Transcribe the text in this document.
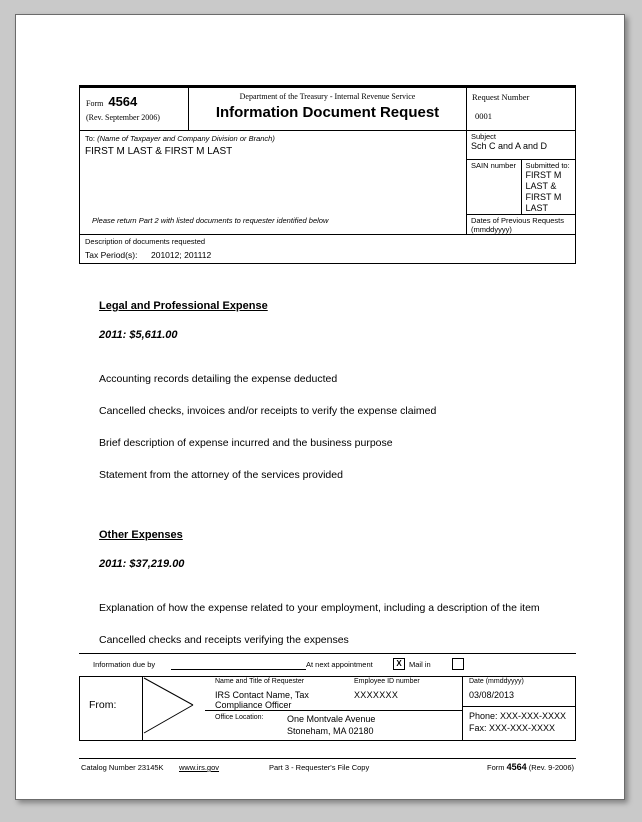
Form 4564
(Rev. September 2006)

Department of the Treasury - Internal Revenue Service
Information Document Request

Request Number
0001

To: (Name of Taxpayer and Company Division or Branch)
FIRST M LAST & FIRST M LAST
Please return Part 2 with listed documents to requester identified below

Subject
Sch C and A and D

SAIN number	Submitted to:
FIRST M LAST &
FIRST M LAST

Dates of Previous Requests (mmddyyyy)

Description of documents requested
Tax Period(s): 201012; 201112
Legal and Professional Expense
2011: $5,611.00
Accounting records detailing the expense deducted
Cancelled checks, invoices and/or receipts to verify the expense claimed
Brief description of expense incurred and the business purpose
Statement from the attorney of the services provided
Other Expenses
2011: $37,219.00
Explanation of how the expense related to your employment, including a description of the item
Cancelled checks and receipts verifying the expenses
Information due by	At next appointment	X Mail in
From:

Name and Title of Requester
IRS Contact Name, Tax Compliance Officer

Employee ID number
XXXXXXX

Office Location:	One Montvale Avenue
Stoneham, MA 02180

Date (mmddyyyy)
03/08/2013

Phone: XXX-XXX-XXXX
Fax: XXX-XXX-XXXX
Catalog Number 23145K www.irs.gov	Part 3 - Requester's File Copy	Form 4564 (Rev. 9-2006)
